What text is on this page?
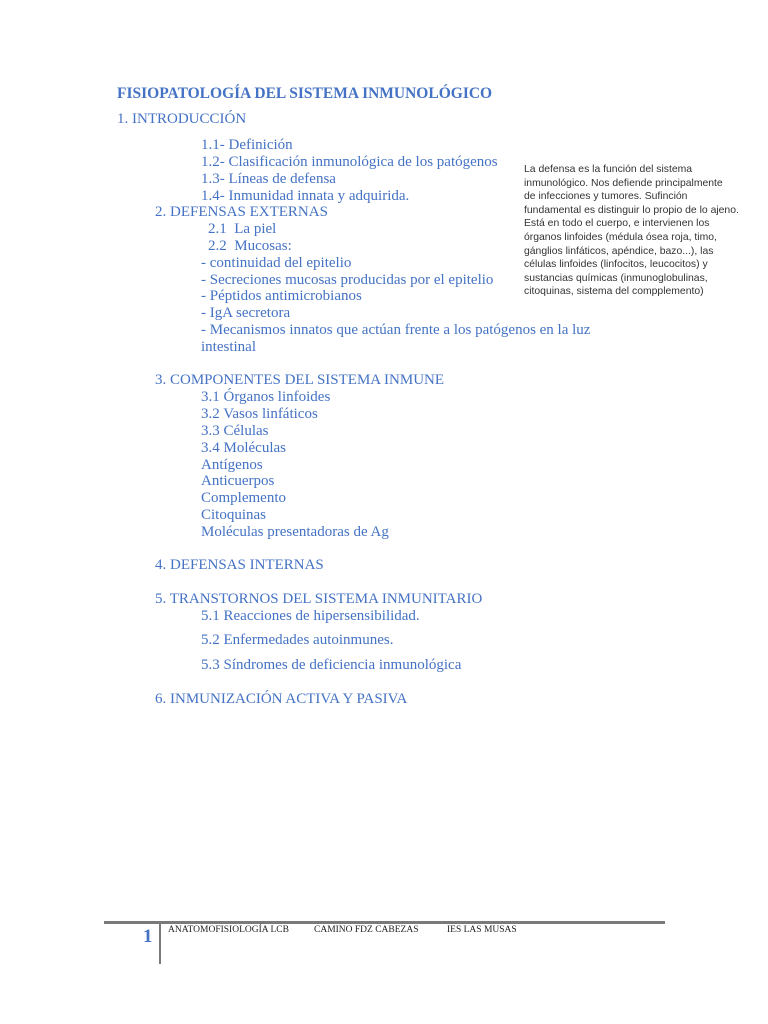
FISIOPATOLOGÍA DEL SISTEMA INMUNOLÓGICO
1. INTRODUCCIÓN
1.1- Definición
1.2- Clasificación inmunológica de los patógenos
1.3- Líneas de defensa
1.4- Inmunidad innata y adquirida.
2. DEFENSAS EXTERNAS
2.1  La piel
2.2  Mucosas:
- continuidad del epitelio
- Secreciones mucosas producidas por el epitelio
- Péptidos antimicrobianos
- IgA secretora
- Mecanismos innatos que actúan frente a los patógenos en la luz
intestinal
3. COMPONENTES DEL SISTEMA INMUNE
3.1 Órganos linfoides
3.2 Vasos linfáticos
3.3 Células
3.4 Moléculas
Antígenos
Anticuerpos
Complemento
Citoquinas
Moléculas presentadoras de Ag
4. DEFENSAS INTERNAS
5. TRANSTORNOS DEL SISTEMA INMUNITARIO
5.1 Reacciones de hipersensibilidad.
5.2 Enfermedades autoinmunes.
5.3 Síndromes de deficiencia inmunológica
6. INMUNIZACIÓN ACTIVA Y PASIVA
La defensa es la función del sistema
inmunológico. Nos defiende principalmente
de infecciones y tumores. Sufinción
fundamental es distinguir lo propio de lo ajeno.
Está en todo el cuerpo, e intervienen los
órganos linfoides (médula ósea roja, timo,
gánglios linfáticos, apéndice, bazo...), las
células linfoides (linfocitos, leucocitos) y
sustancias químicas (inmunoglobulinas,
citoquinas, sistema del compplemento)
1 ANATOMOFISIOLOGÍA LCB	CAMINO FDZ CABEZAS	IES LAS MUSAS
